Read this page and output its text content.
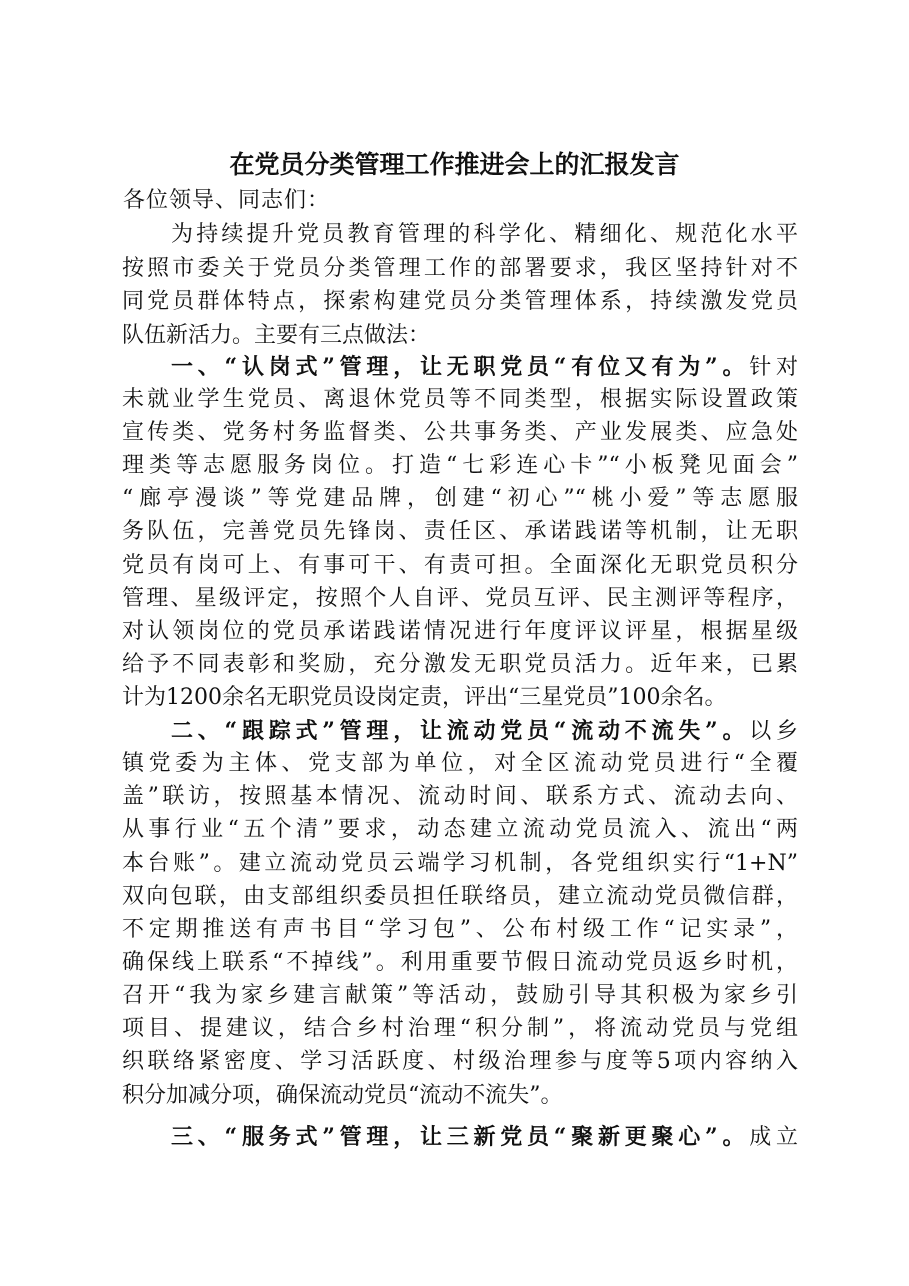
在党员分类管理工作推进会上的汇报发言
各位领导、同志们：
为持续提升党员教育管理的科学化、精细化、规范化水平
按照市委关于党员分类管理工作的部署要求，我区坚持针对不
同党员群体特点，探索构建党员分类管理体系，持续激发党员
队伍新活力。主要有三点做法：
一、“认岗式”管理，让无职党员“有位又有为”。针对
未就业学生党员、离退休党员等不同类型，根据实际设置政策
宣传类、党务村务监督类、公共事务类、产业发展类、应急处
理类等志愿服务岗位。打造“七彩连心卡”“小板凳见面会”
“廊亭漫谈”等党建品牌，创建“初心”“桃小爱”等志愿服
务队伍，完善党员先锋岗、责任区、承诺践诺等机制，让无职
党员有岗可上、有事可干、有责可担。全面深化无职党员积分
管理、星级评定，按照个人自评、党员互评、民主测评等程序，
对认领岗位的党员承诺践诺情况进行年度评议评星，根据星级
给予不同表彰和奖励，充分激发无职党员活力。近年来，已累
计为1200余名无职党员设岗定责，评出“三星党员”100余名。
二、“跟踪式”管理，让流动党员“流动不流失”。以乡
镇党委为主体、党支部为单位，对全区流动党员进行“全覆
盖”联访，按照基本情况、流动时间、联系方式、流动去向、
从事行业“五个清”要求，动态建立流动党员流入、流出“两
本台账”。建立流动党员云端学习机制，各党组织实行“1+N”
双向包联，由支部组织委员担任联络员，建立流动党员微信群，
不定期推送有声书目“学习包”、公布村级工作“记实录”，
确保线上联系“不掉线”。利用重要节假日流动党员返乡时机，
召开“我为家乡建言献策”等活动，鼓励引导其积极为家乡引
项目、提建议，结合乡村治理“积分制”，将流动党员与党组
织联络紧密度、学习活跃度、村级治理参与度等5项内容纳入
积分加减分项，确保流动党员“流动不流失”。
三、“服务式”管理，让三新党员“聚新更聚心”。成立
